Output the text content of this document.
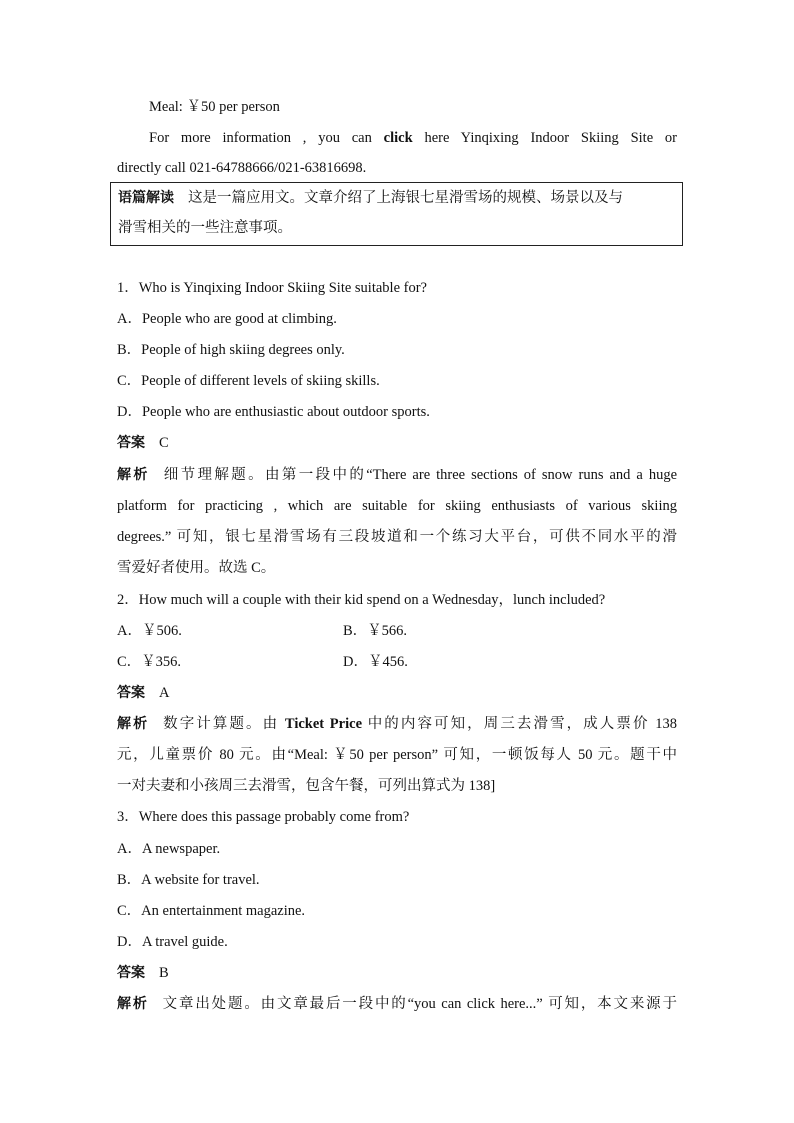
Meal: ￥50 per person
For more information , you can click here Yinqixing Indoor Skiing Site or
directly call 021-64788666/021-63816698.
语篇解读 这是一篇应用文。文章介绍了上海银七星滑雪场的规模、场景以及与
滑雪相关的一些注意事项。
1．Who is Yinqixing Indoor Skiing Site suitable for?
A．People who are good at climbing.
B．People of high skiing degrees only.
C．People of different levels of skiing skills.
D．People who are enthusiastic about outdoor sports.
答案 C
解析 细节理解题。由第一段中的“There are three sections of snow runs and a huge
platform for practicing , which are suitable for skiing enthusiasts of various skiing
degrees.” 可知，银七星滑雪场有三段坡道和一个练习大平台，可供不同水平的滑
雪爱好者使用。故选 C。
2．How much will a couple with their kid spend on a Wednesday，lunch included?
A．￥506.	B．￥566.
C．￥356.	D．￥456.
答案 A
解析 数字计算题。由 Ticket Price 中的内容可知，周三去滑雪，成人票价 138
元，儿童票价 80 元。由“Meal: ￥50 per person” 可知，一顿饭每人 50 元。题干中
一对夫妻和小孩周三去滑雪，包含午餐，可列出算式为 138]
3．Where does this passage probably come from?
A．A newspaper.
B．A website for travel.
C．An entertainment magazine.
D．A travel guide.
答案 B
解析 文章出处题。由文章最后一段中的“you can click here...” 可知，本文来源于
